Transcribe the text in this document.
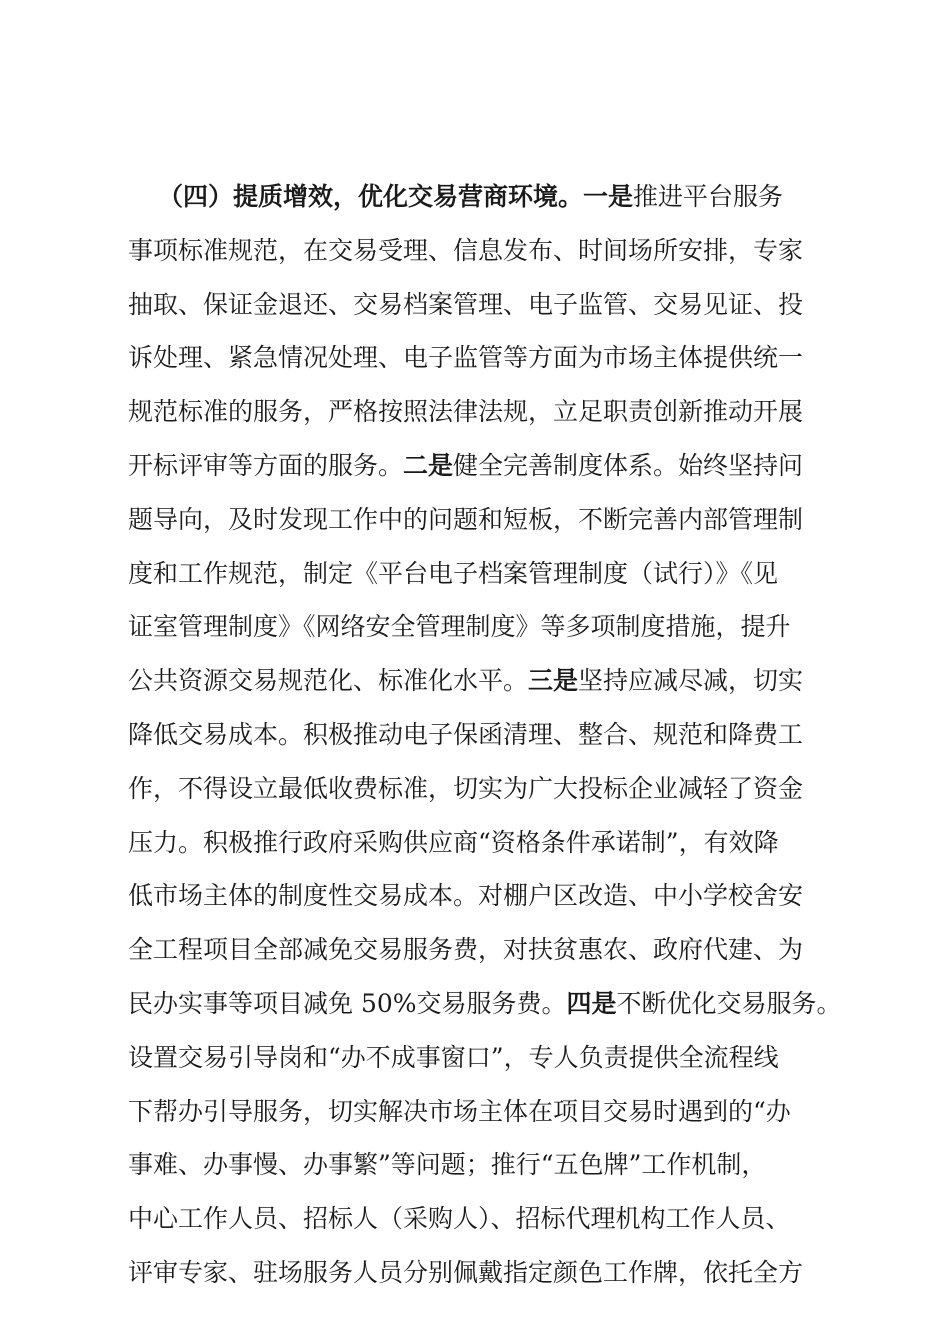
（四）提质增效，优化交易营商环境。一是推进平台服务
事项标准规范，在交易受理、信息发布、时间场所安排，专家
抽取、保证金退还、交易档案管理、电子监管、交易见证、投
诉处理、紧急情况处理、电子监管等方面为市场主体提供统一
规范标准的服务，严格按照法律法规，立足职责创新推动开展
开标评审等方面的服务。二是健全完善制度体系。始终坚持问
题导向，及时发现工作中的问题和短板，不断完善内部管理制
度和工作规范，制定《平台电子档案管理制度（试行）》《见
证室管理制度》《网络安全管理制度》等多项制度措施，提升
公共资源交易规范化、标准化水平。三是坚持应减尽减，切实
降低交易成本。积极推动电子保函清理、整合、规范和降费工
作，不得设立最低收费标准，切实为广大投标企业减轻了资金
压力。积极推行政府采购供应商“资格条件承诺制”，有效降
低市场主体的制度性交易成本。对棚户区改造、中小学校舍安
全工程项目全部减免交易服务费，对扶贫惠农、政府代建、为
民办实事等项目减免 50%交易服务费。四是不断优化交易服务。
设置交易引导岗和“办不成事窗口”，专人负责提供全流程线
下帮办引导服务，切实解决市场主体在项目交易时遇到的“办
事难、办事慢、办事繁”等问题；推行“五色牌”工作机制，
中心工作人员、招标人（采购人）、招标代理机构工作人员、
评审专家、驻场服务人员分别佩戴指定颜色工作牌，依托全方
